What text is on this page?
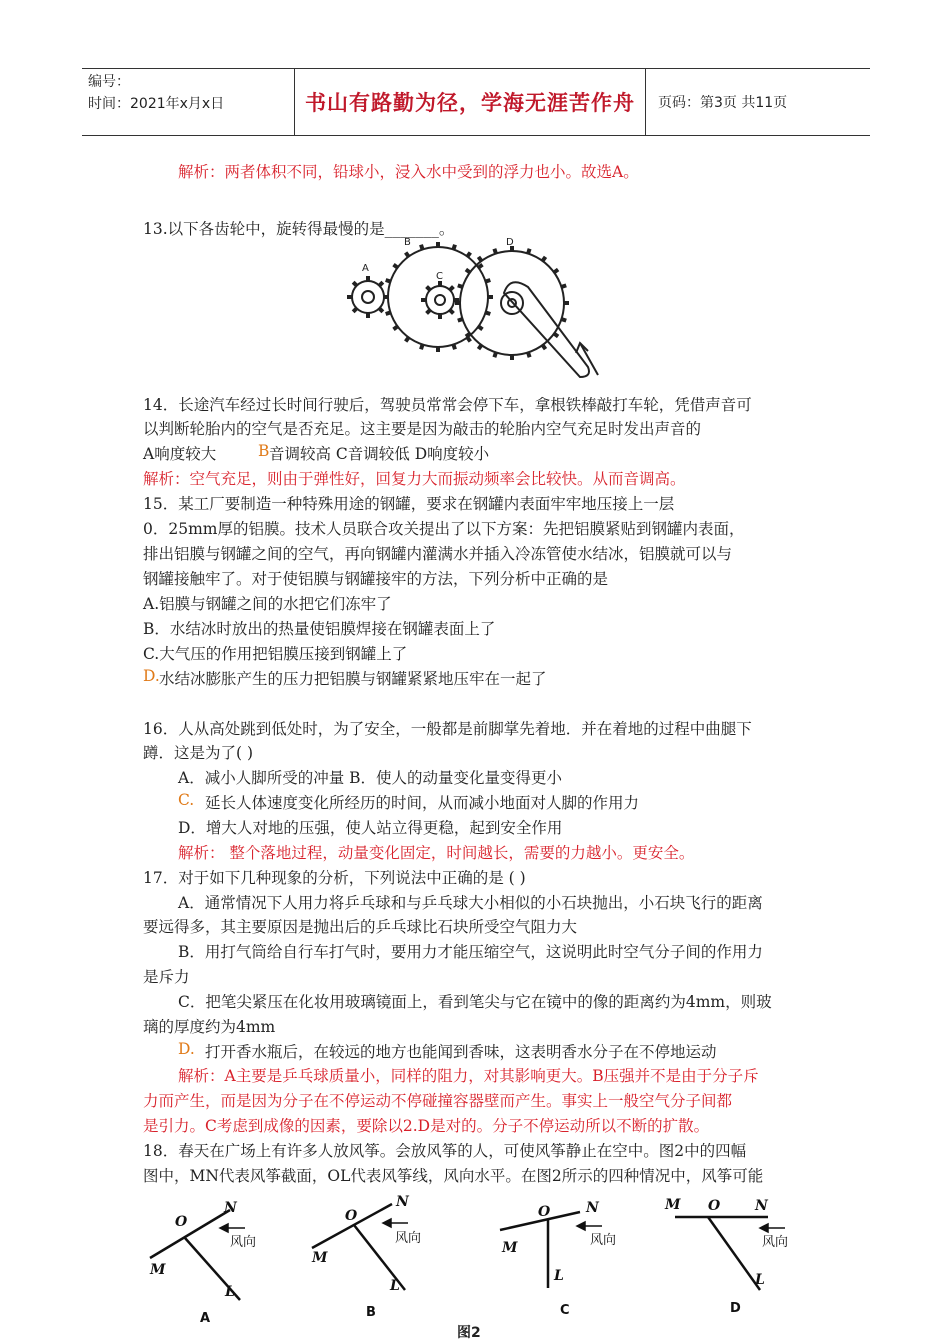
编号：
时间：2021年x月x日	书山有路勤为径，学海无涯苦作舟	页码：第3页 共11页
解析：两者体积不同，铅球小，浸入水中受到的浮力也小。故选A。
13.以下各齿轮中，旋转得最慢的是_______。
14．长途汽车经过长时间行驶后，驾驶员常常会停下车，拿根铁棒敲打车轮，凭借声音可
以判断轮胎内的空气是否充足。这主要是因为敲击的轮胎内空气充足时发出声音的
A响度较大	B 音调较高 C音调较低 D响度较小
解析：空气充足，则由于弹性好，回复力大而振动频率会比较快。从而音调高。
15．某工厂要制造一种特殊用途的钢罐，要求在钢罐内表面牢牢地压接上一层
0．25mm厚的铝膜。技术人员联合攻关提出了以下方案：先把铝膜紧贴到钢罐内表面，
排出铝膜与钢罐之间的空气，再向钢罐内灌满水并插入冷冻管使水结冰，铝膜就可以与
钢罐接触牢了。对于使铝膜与钢罐接牢的方法，下列分析中正确的是
A.铝膜与钢罐之间的水把它们冻牢了
B．水结冰时放出的热量使铝膜焊接在钢罐表面上了
C.大气压的作用把铝膜压接到钢罐上了
D. 水结冰膨胀产生的压力把铝膜与钢罐紧紧地压牢在一起了
16．人从高处跳到低处时，为了安全，一般都是前脚掌先着地．并在着地的过程中曲腿下
蹲．这是为了( )
A．减小人脚所受的冲量 B．使人的动量变化量变得更小
C. 延长人体速度变化所经历的时间，从而减小地面对人脚的作用力
D．增大人对地的压强，使人站立得更稳，起到安全作用
解析： 整个落地过程，动量变化固定，时间越长，需要的力越小。更安全。
17．对于如下几种现象的分析，下列说法中正确的是 ( )
A．通常情况下人用力将乒乓球和与乒乓球大小相似的小石块抛出，小石块飞行的距离
要远得多，其主要原因是抛出后的乒乓球比石块所受空气阻力大
B．用打气筒给自行车打气时，要用力才能压缩空气，这说明此时空气分子间的作用力
是斥力
C．把笔尖紧压在化妆用玻璃镜面上，看到笔尖与它在镜中的像的距离约为4mm，则玻
璃的厚度约为4mm
D. 打开香水瓶后，在较远的地方也能闻到香味，这表明香水分子在不停地运动
解析：A主要是乒乓球质量小，同样的阻力，对其影响更大。B压强并不是由于分子斥
力而产生，而是因为分子在不停运动不停碰撞容器壁而产生。事实上一般空气分子间都
是引力。C考虑到成像的因素，要除以2.D是对的。分子不停运动所以不断的扩散。
18．春天在广场上有许多人放风筝。会放风筝的人，可使风筝静止在空中。图2中的四幅
图中，MN代表风筝截面，OL代表风筝线，风向水平。在图2所示的四种情况中，风筝可能
A
B
C
D
O
N
M
L
O
N
M
L
O	N
M
L
M O N
L
风向	风向	风向	风向
A	B	C	D
图2
